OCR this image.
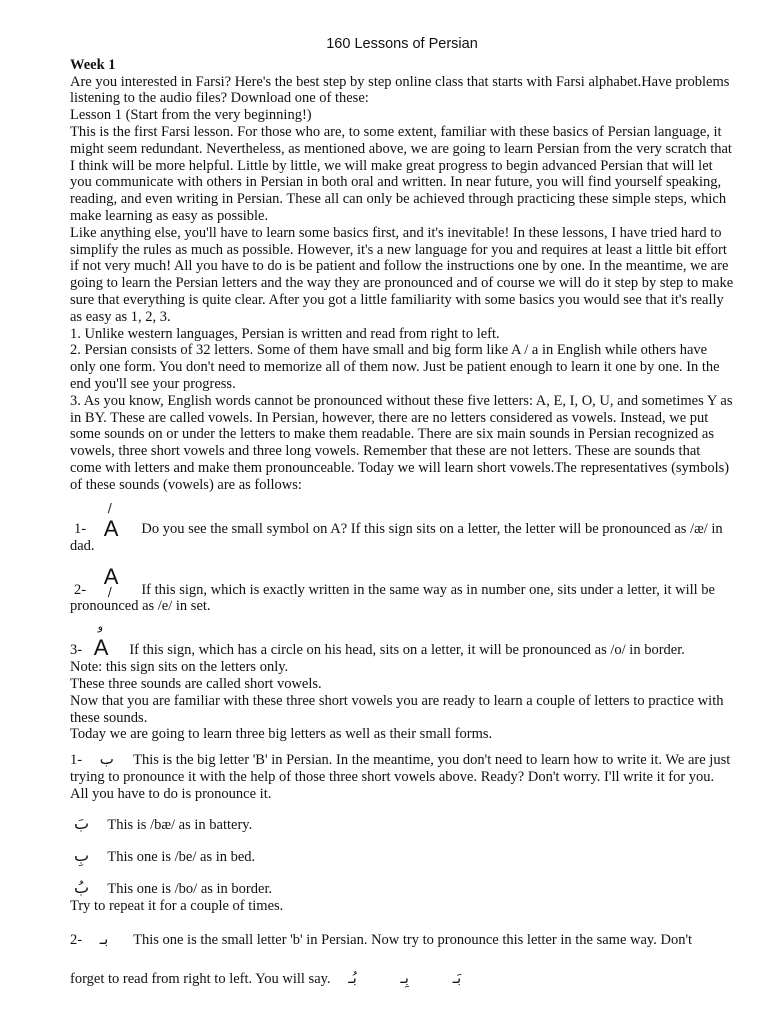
160 Lessons of Persian

Week 1

Are you interested in Farsi? Here's the best step by step online class that starts with Farsi alphabet.Have problems listening to the audio files? Download one of these:

Lesson 1 (Start from the very beginning!)

This is the first Farsi lesson. For those who are, to some extent, familiar with these basics of Persian language, it might seem redundant. Nevertheless, as mentioned above, we are going to learn Persian from the very scratch that I think will be more helpful. Little by little, we will make great progress to begin advanced Persian that will let you communicate with others in Persian in both oral and written. In near future, you will find yourself speaking, reading, and even writing in Persian. These all can only be achieved through practicing these simple steps, which make learning as easy as possible.

Like anything else, you'll have to learn some basics first, and it's inevitable! In these lessons, I have tried hard to simplify the rules as much as possible. However, it's a new language for you and requires at least a little bit effort if not very much! All you have to do is be patient and follow the instructions one by one. In the meantime, we are going to learn the Persian letters and the way they are pronounced and of course we will do it step by step to make sure that everything is quite clear. After you got a little familiarity with some basics you would see that it's really as easy as 1, 2, 3.

1. Unlike western languages, Persian is written and read from right to left.

2. Persian consists of 32 letters. Some of them have small and big form like A / a in English while others have only one form. You don't need to memorize all of them now. Just be patient enough to learn it one by one. In the end you'll see your progress.

3. As you know, English words cannot be pronounced without these five letters: A, E, I, O, U, and sometimes Y as in BY. These are called vowels. In Persian, however, there are no letters considered as vowels. Instead, we put some sounds on or under the letters to make them readable. There are six main sounds in Persian recognized as vowels, three short vowels and three long vowels. Remember that these are not letters. These are sounds that come with letters and make them pronounceable. Today we will learn short vowels.The representatives (symbols) of these sounds (vowels) are as follows:

1-
/
A Do you see the small symbol on A? If this sign sits on a letter, the letter will be pronounced as /æ/ in dad.
2-
A
/ If this sign, which is exactly written in the same way as in number one, sits under a letter, it will be pronounced as /e/ in set.
3-
و
A If this sign, which has a circle on his head, sits on a letter, it will be pronounced as /o/ in border.

Note: this sign sits on the letters only.

These three sounds are called short vowels.

Now that you are familiar with these three short vowels you are ready to learn a couple of letters to practice with these sounds.

Today we are going to learn three big letters as well as their small forms.

1- ب This is the big letter 'B' in Persian. In the meantime, you don't need to learn how to write it. We are just trying to pronounce it with the help of those three short vowels above. Ready? Don't worry. I'll write it for you. All you have to do is pronounce it.
بَ This is /bæ/ as in battery.
بِ This one is /be/ as in bed.
بُ This one is /bo/ as in border.

Try to repeat it for a couple of times.

2- بـ This one is the small letter 'b' in Persian. Now try to pronounce this letter in the same way. Don't
forget to read from right to left. You will say. بُـ	بِـ	بَـ
